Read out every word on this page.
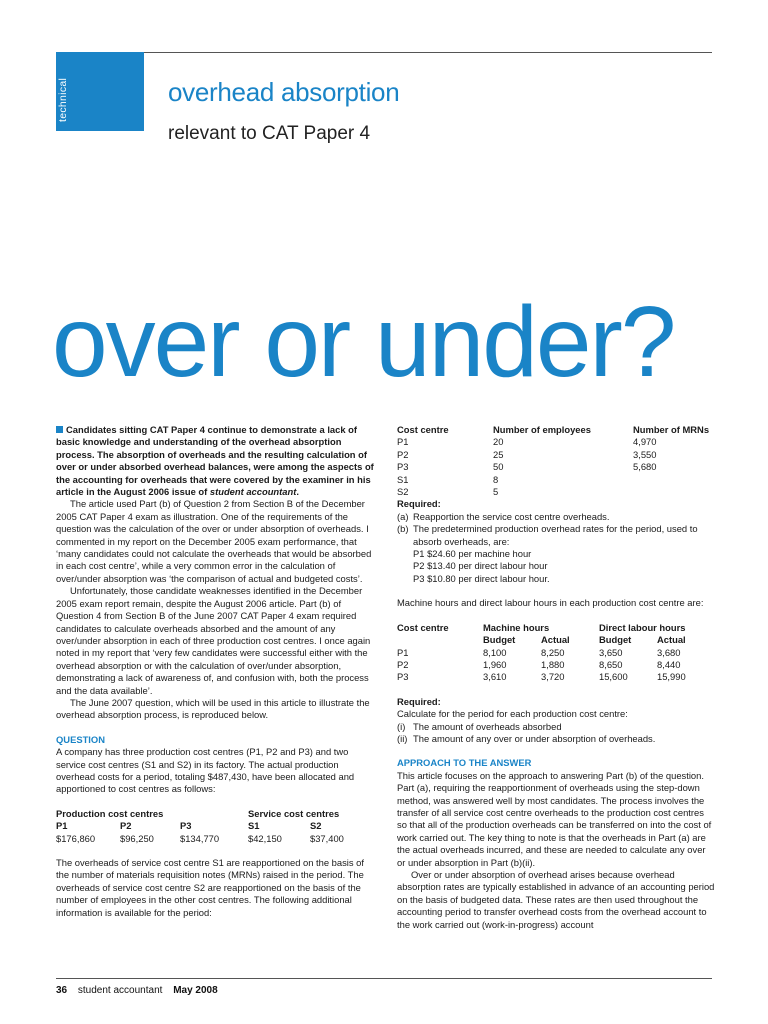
technical	overhead absorption
relevant to CAT Paper 4
over or under?

Candidates sitting CAT Paper 4 continue to demonstrate a lack of basic knowledge and understanding of the overhead absorption process. The absorption of overheads and the resulting calculation of over or under absorbed overhead balances, were among the aspects of the accounting for overheads that were covered by the examiner in his article in the August 2006 issue of student accountant.

The article used Part (b) of Question 2 from Section B of the December 2005 CAT Paper 4 exam as illustration. One of the requirements of the question was the calculation of the over or under absorption of overheads. I commented in my report on the December 2005 exam performance, that ‘many candidates could not calculate the overheads that would be absorbed in each cost centre’, while a very common error in the calculation of over/under absorption was ‘the comparison of actual and budgeted costs’.

Unfortunately, those candidate weaknesses identified in the December 2005 exam report remain, despite the August 2006 article. Part (b) of Question 4 from Section B of the June 2007 CAT Paper 4 exam required candidates to calculate overheads absorbed and the amount of any over/under absorption in each of three production cost centres. I once again noted in my report that ‘very few candidates were successful either with the overhead absorption or with the calculation of over/under absorption, demonstrating a lack of awareness of, and confusion with, both the process and the data available’.

The June 2007 question, which will be used in this article to illustrate the overhead absorption process, is reproduced below.

QUESTION

A company has three production cost centres (P1, P2 and P3) and two service cost centres (S1 and S2) in its factory. The actual production overhead costs for a period, totaling $487,430, have been allocated and apportioned to cost centres as follows:

Production cost centres			Service cost centres	
P1	P2	P3	S1	S2
$176,860	$96,250	$134,770	$42,150	$37,400

The overheads of service cost centre S1 are reapportioned on the basis of the number of materials requisition notes (MRNs) raised in the period. The overheads of service cost centre S2 are reapportioned on the basis of the number of employees in the other cost centres. The following additional information is available for the period:

Cost centre	Number of employees	Number of MRNs
P1	20	4,970
P2	25	3,550
P3	50	5,680
S1	8	
S2	5	

Required:

(a) Reapportion the service cost centre overheads.
(b) The predetermined production overhead rates for the period, used to absorb overheads, are:

P1 $24.60 per machine hour

P2 $13.40 per direct labour hour

P3 $10.80 per direct labour hour.

Machine hours and direct labour hours in each production cost centre are:

Cost centre	Machine hours		Direct labour hours	
	Budget	Actual	Budget	Actual
P1	8,100	8,250	3,650	3,680
P2	1,960	1,880	8,650	8,440
P3	3,610	3,720	15,600	15,990

Required:

Calculate for the period for each production cost centre:

(i) The amount of overheads absorbed
(ii) The amount of any over or under absorption of overheads.

APPROACH TO THE ANSWER

This article focuses on the approach to answering Part (b) of the question. Part (a), requiring the reapportionment of overheads using the step-down method, was answered well by most candidates. The process involves the transfer of all service cost centre overheads to the production cost centres so that all of the production overheads can be transferred on into the cost of work carried out. The key thing to note is that the overheads in Part (a) are the actual overheads incurred, and these are needed to calculate any over or under absorption in Part (b)(ii).

Over or under absorption of overhead arises because overhead absorption rates are typically established in advance of an accounting period on the basis of budgeted data. These rates are then used throughout the accounting period to transfer overhead costs from the overhead account to the work carried out (work-in-progress) account

36 student accountant May 2008
